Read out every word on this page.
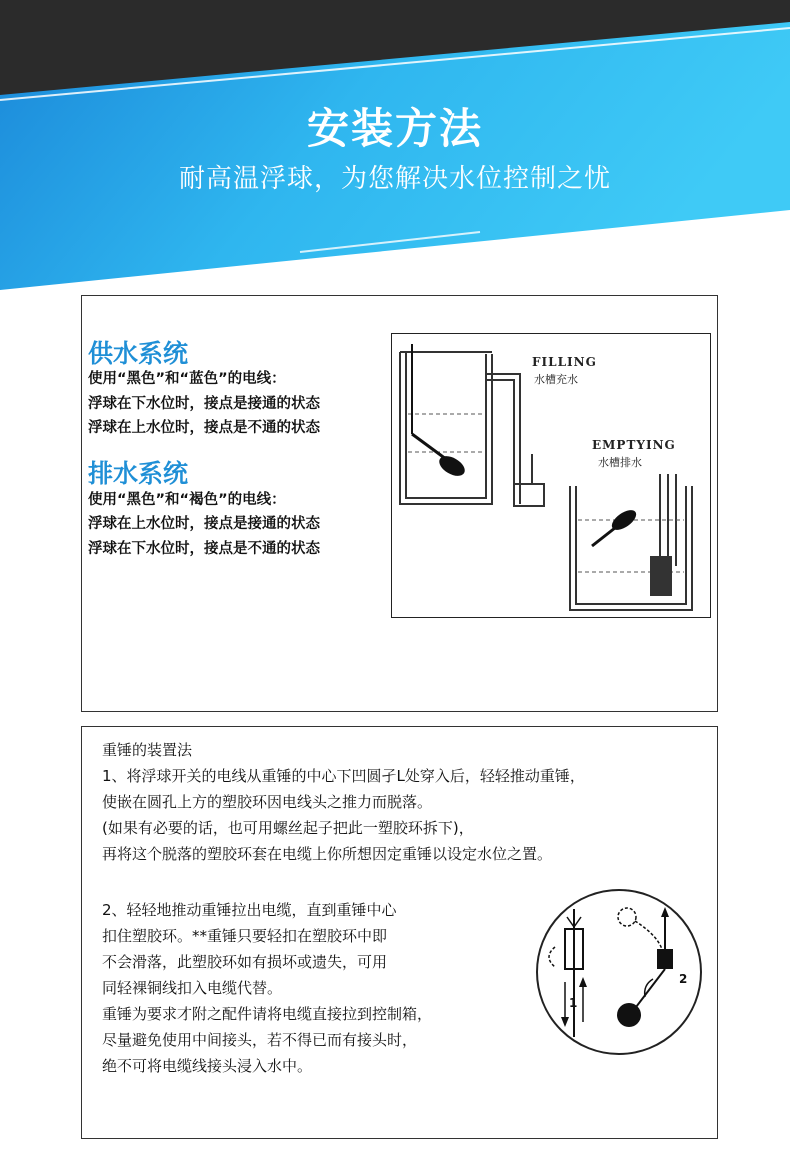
安装方法
耐高温浮球，为您解决水位控制之忧
供水系统
使用“黑色”和“蓝色”的电线：
浮球在下水位时，接点是接通的状态
浮球在上水位时，接点是不通的状态
排水系统
使用“黑色”和“褐色”的电线：
浮球在上水位时，接点是接通的状态
浮球在下水位时，接点是不通的状态
FILLING
水槽充水
EMPTYING
水槽排水
重锤的装置法
1、将浮球开关的电线从重锤的中心下凹圆孑L处穿入后，轻轻推动重锤，
使嵌在圆孔上方的塑胶环因电线头之推力而脱落。
(如果有必要的话，也可用螺丝起子把此一塑胶环拆下)，
再将这个脱落的塑胶环套在电缆上你所想因定重锤以设定水位之置。
2、轻轻地推动重锤拉出电缆，直到重锤中心
扣住塑胶环。**重锤只要轻扣在塑胶环中即
不会滑落，此塑胶环如有损坏或遗失，可用
同轻裸铜线扣入电缆代替。
重锤为要求才附之配件请将电缆直接拉到控制箱，
尽量避免使用中间接头，若不得已而有接头时，
绝不可将电缆线接头浸入水中。
1
2
